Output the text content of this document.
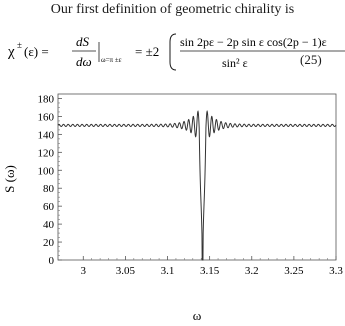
Our first definition of geometric chirality is
χ ± (ε) =
dS
dω ω=π ±ε
= ±2
sin 2pε − 2p sin ε cos(2p − 1)ε
sin² ε	(25)
0
20
40
60
80
100
120
140
160
180
3	3.05 3.1 3.15 3.2 3.25 3.3
S (ω)
ω
